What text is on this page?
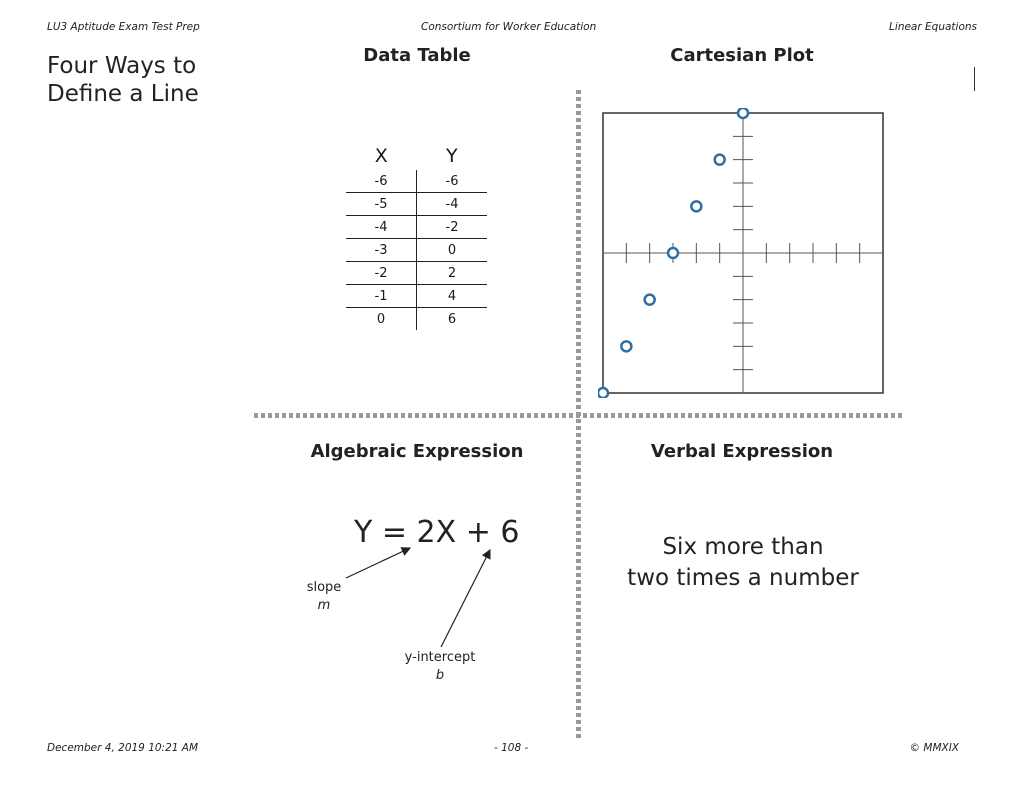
LU3 Aptitude Exam Test Prep	Consortium for Worker Education	Linear Equations
Four Ways to
Define a Line
Data Table	Cartesian Plot
Algebraic Expression	Verbal Expression
X	Y
-6	-6
-5	-4
-4	-2
-3	0
-2	2
-1	4
0	6
Y = 2X + 6
slope
m
y-intercept
b
Six more than
two times a number
December 4, 2019 10:21 AM	- 108 -	© MMXIX
